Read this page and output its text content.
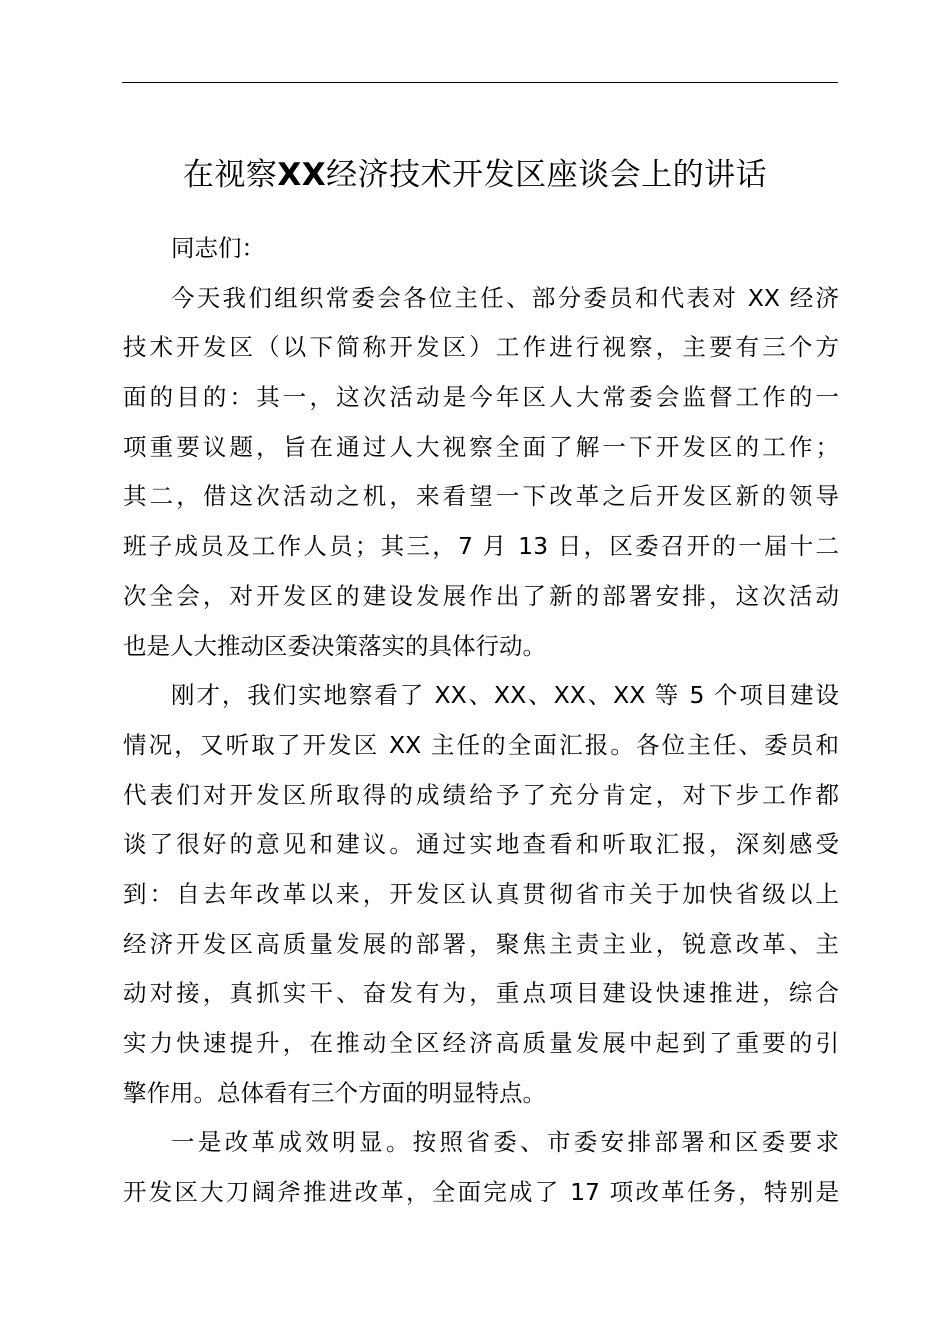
在视察XX经济技术开发区座谈会上的讲话
同志们：
今天我们组织常委会各位主任、部分委员和代表对 XX 经济
技术开发区（以下简称开发区）工作进行视察，主要有三个方
面的目的：其一，这次活动是今年区人大常委会监督工作的一
项重要议题，旨在通过人大视察全面了解一下开发区的工作；
其二，借这次活动之机，来看望一下改革之后开发区新的领导
班子成员及工作人员；其三，7 月 13 日，区委召开的一届十二
次全会，对开发区的建设发展作出了新的部署安排，这次活动
也是人大推动区委决策落实的具体行动。
刚才，我们实地察看了 XX、XX、XX、XX 等 5 个项目建设
情况，又听取了开发区 XX 主任的全面汇报。各位主任、委员和
代表们对开发区所取得的成绩给予了充分肯定，对下步工作都
谈了很好的意见和建议。通过实地查看和听取汇报，深刻感受
到：自去年改革以来，开发区认真贯彻省市关于加快省级以上
经济开发区高质量发展的部署，聚焦主责主业，锐意改革、主
动对接，真抓实干、奋发有为，重点项目建设快速推进，综合
实力快速提升，在推动全区经济高质量发展中起到了重要的引
擎作用。总体看有三个方面的明显特点。
一是改革成效明显。按照省委、市委安排部署和区委要求
开发区大刀阔斧推进改革，全面完成了 17 项改革任务，特别是
